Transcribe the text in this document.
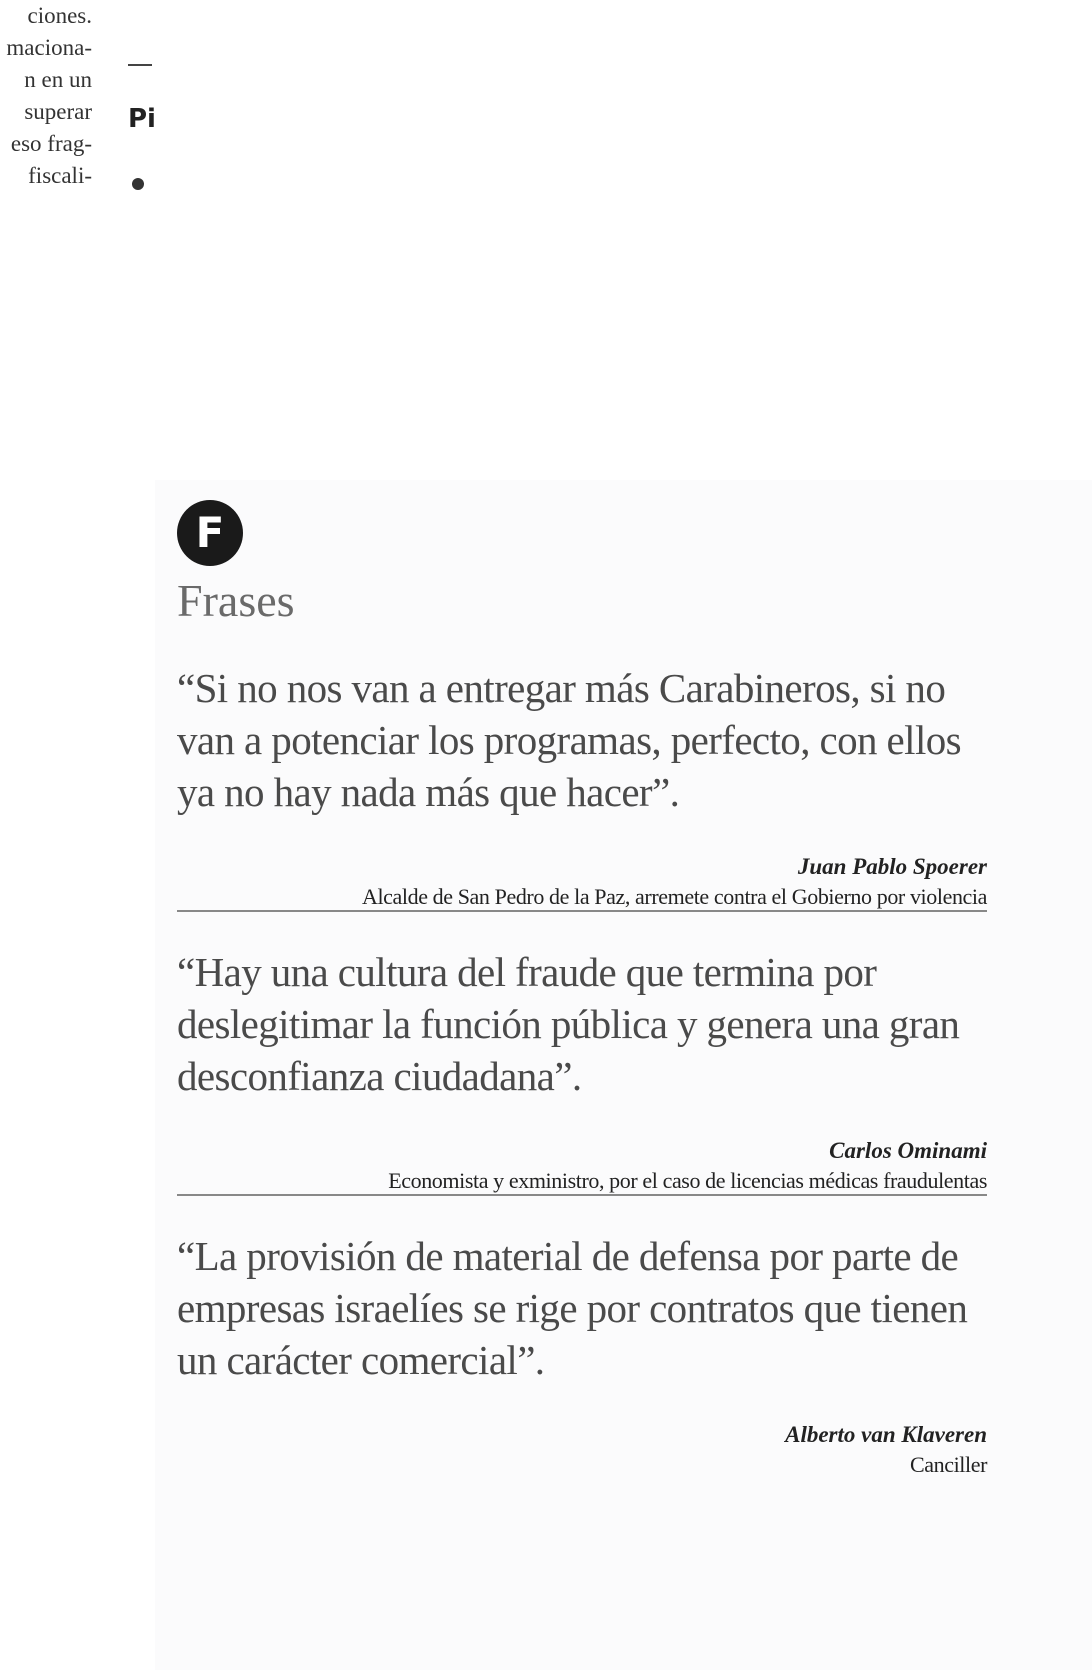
ciones.
maciona-
n en un
superar
eso frag-
fiscali-
Pi
F
Frases

“Si no nos van a entregar más Carabineros, si no van a potenciar los programas, perfecto, con ellos ya no hay nada más que hacer”.

Juan Pablo Spoerer
Alcalde de San Pedro de la Paz, arremete contra el Gobierno por violencia

“Hay una cultura del fraude que termina por deslegitimar la función pública y genera una gran desconfianza ciudadana”.

Carlos Ominami
Economista y exministro, por el caso de licencias médicas fraudulentas

“La provisión de material de defensa por parte de empresas israelíes se rige por contratos que tienen un carácter comercial”.

Alberto van Klaveren
Canciller
